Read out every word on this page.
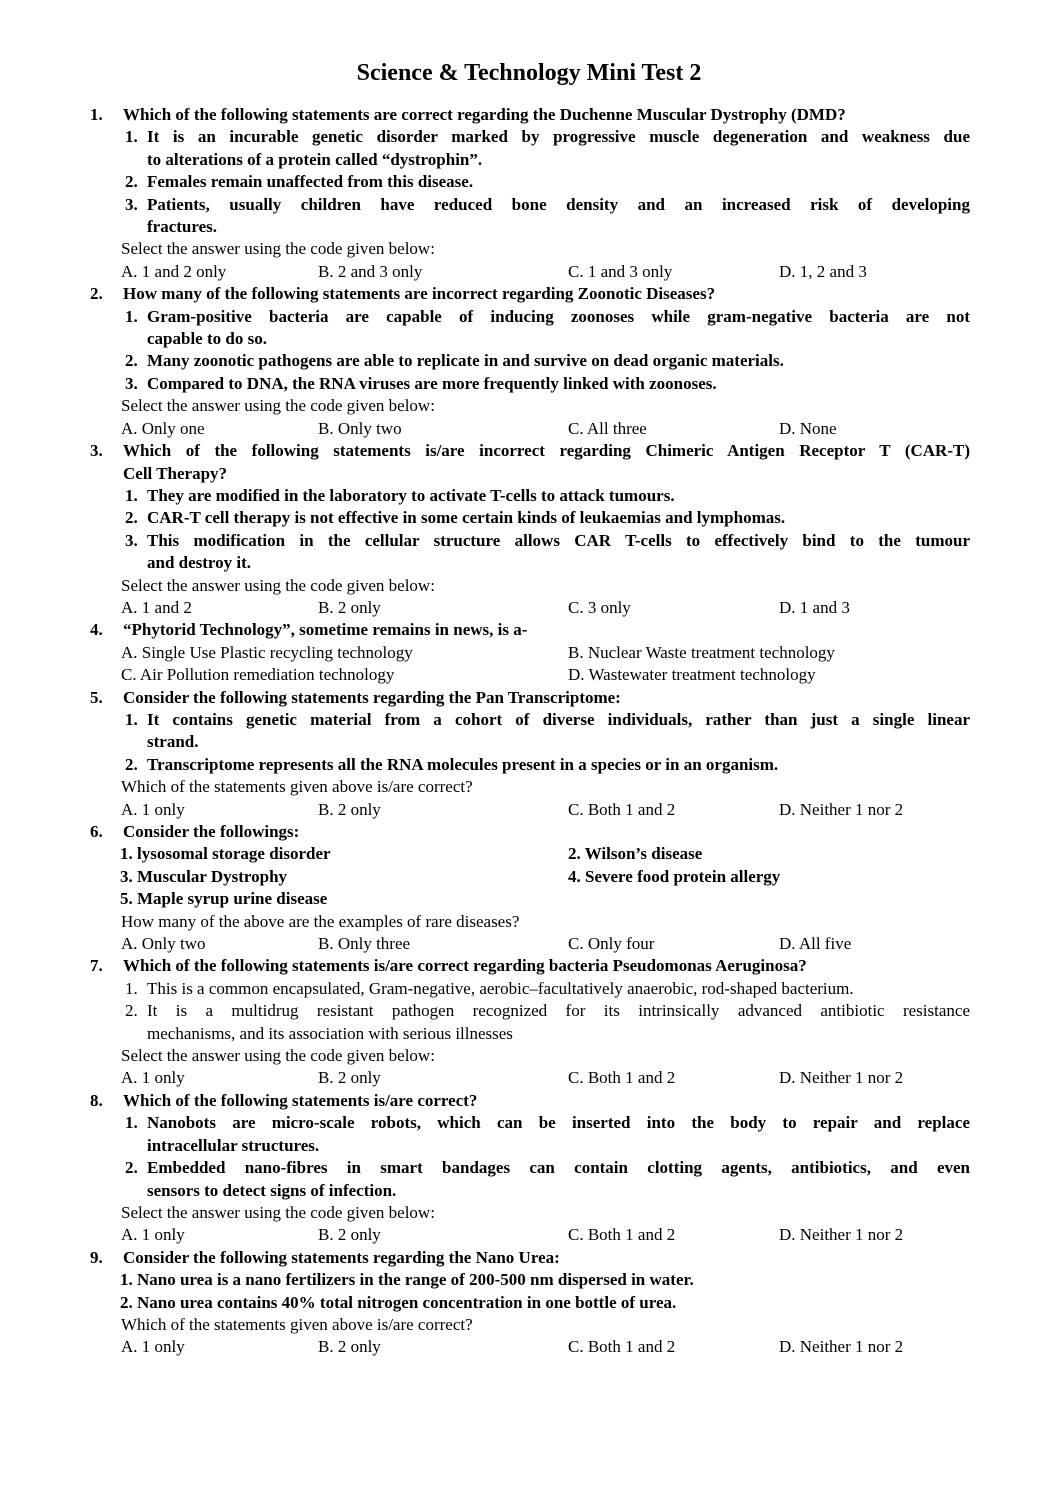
Science & Technology Mini Test 2
1.	Which of the following statements are correct regarding the Duchenne Muscular Dystrophy (DMD?
1. It is an incurable genetic disorder marked by progressive muscle degeneration and weakness due
to alterations of a protein called “dystrophin”.
2. Females remain unaffected from this disease.
3. Patients, usually children have reduced bone density and an increased risk of developing
fractures.
Select the answer using the code given below:
A. 1 and 2 only	B. 2 and 3 only	C. 1 and 3 only	D. 1, 2 and 3
2.	How many of the following statements are incorrect regarding Zoonotic Diseases?
1. Gram-positive bacteria are capable of inducing zoonoses while gram-negative bacteria are not
capable to do so.
2. Many zoonotic pathogens are able to replicate in and survive on dead organic materials.
3. Compared to DNA, the RNA viruses are more frequently linked with zoonoses.
Select the answer using the code given below:
A. Only one	B. Only two	C. All three	D. None
3.	Which of the following statements is/are incorrect regarding Chimeric Antigen Receptor T (CAR-T)
Cell Therapy?
1. They are modified in the laboratory to activate T-cells to attack tumours.
2. CAR-T cell therapy is not effective in some certain kinds of leukaemias and lymphomas.
3. This modification in the cellular structure allows CAR T-cells to effectively bind to the tumour
and destroy it.
Select the answer using the code given below:
A. 1 and 2	B. 2 only	C. 3 only	D. 1 and 3
4.	“Phytorid Technology”, sometime remains in news, is a-
A. Single Use Plastic recycling technology	B. Nuclear Waste treatment technology
C. Air Pollution remediation technology	D. Wastewater treatment technology
5.	Consider the following statements regarding the Pan Transcriptome:
1. It contains genetic material from a cohort of diverse individuals, rather than just a single linear
strand.
2. Transcriptome represents all the RNA molecules present in a species or in an organism.
Which of the statements given above is/are correct?
A. 1 only	B. 2 only	C. Both 1 and 2	D. Neither 1 nor 2
6.	Consider the followings:
1. lysosomal storage disorder	2. Wilson’s disease
3. Muscular Dystrophy	4. Severe food protein allergy
5. Maple syrup urine disease
How many of the above are the examples of rare diseases?
A. Only two	B. Only three	C. Only four	D. All five
7.	Which of the following statements is/are correct regarding bacteria Pseudomonas Aeruginosa?
1. This is a common encapsulated, Gram-negative, aerobic–facultatively anaerobic, rod-shaped bacterium.
2. It is a multidrug resistant pathogen recognized for its intrinsically advanced antibiotic resistance
mechanisms, and its association with serious illnesses
Select the answer using the code given below:
A. 1 only	B. 2 only	C. Both 1 and 2	D. Neither 1 nor 2
8.	Which of the following statements is/are correct?
1. Nanobots are micro-scale robots, which can be inserted into the body to repair and replace
intracellular structures.
2. Embedded nano-fibres in smart bandages can contain clotting agents, antibiotics, and even
sensors to detect signs of infection.
Select the answer using the code given below:
A. 1 only	B. 2 only	C. Both 1 and 2	D. Neither 1 nor 2
9.	Consider the following statements regarding the Nano Urea:
1. Nano urea is a nano fertilizers in the range of 200-500 nm dispersed in water.
2. Nano urea contains 40% total nitrogen concentration in one bottle of urea.
Which of the statements given above is/are correct?
A. 1 only	B. 2 only	C. Both 1 and 2	D. Neither 1 nor 2
